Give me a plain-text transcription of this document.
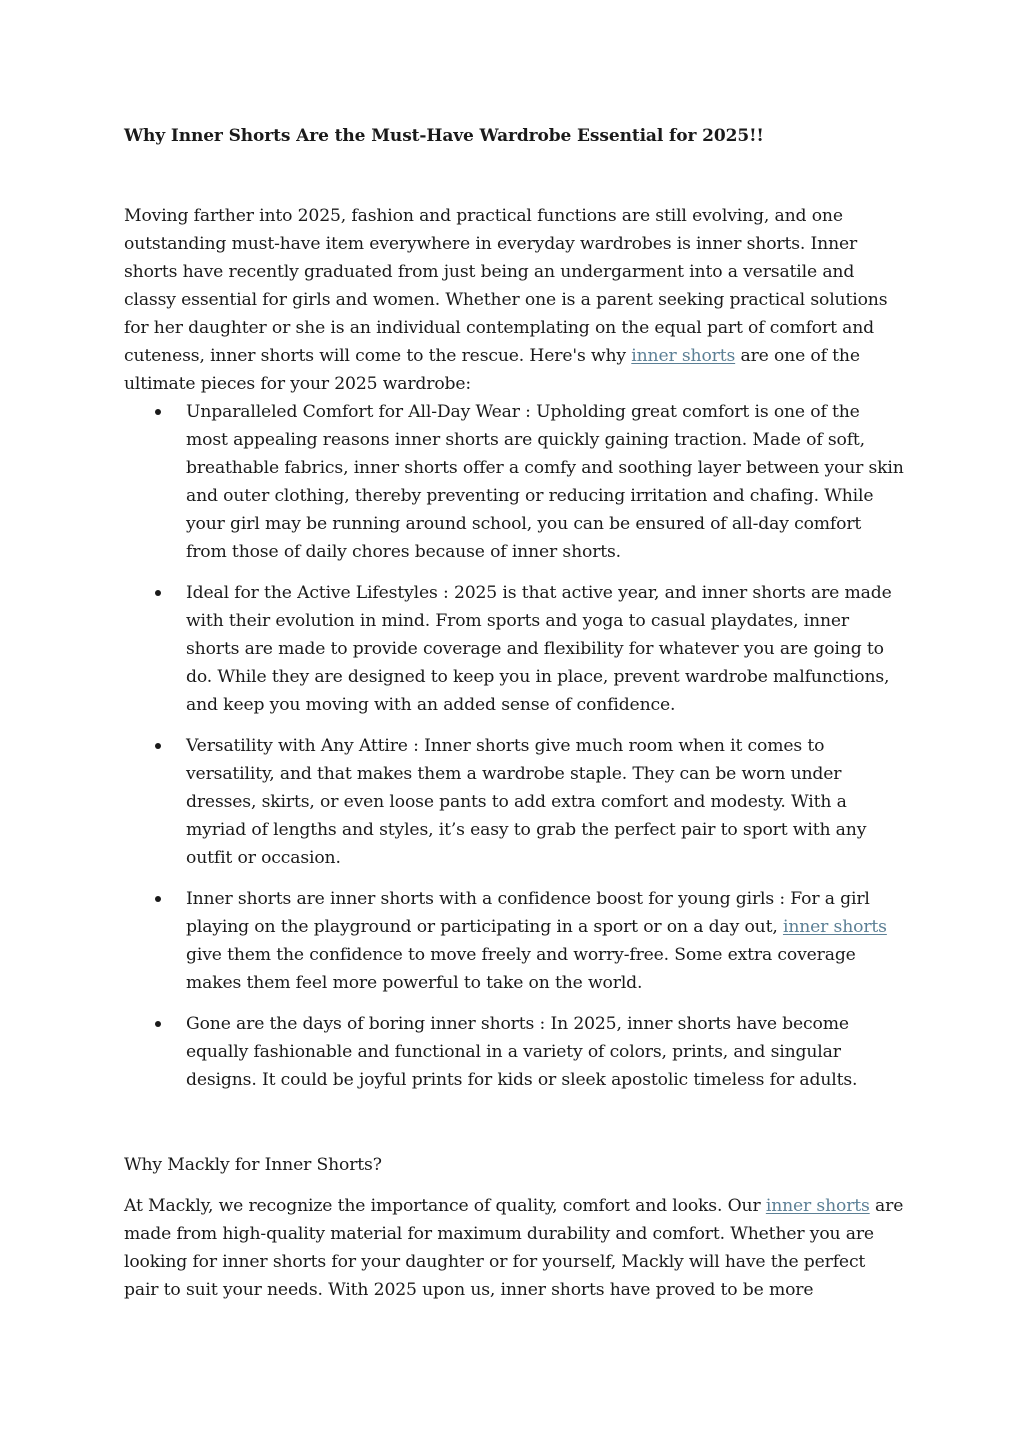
Why Inner Shorts Are the Must-Have Wardrobe Essential for 2025!!

Moving farther into 2025, fashion and practical functions are still evolving, and one outstanding must-have item everywhere in everyday wardrobes is inner shorts. Inner shorts have recently graduated from just being an undergarment into a versatile and classy essential for girls and women. Whether one is a parent seeking practical solutions for her daughter or she is an individual contemplating on the equal part of comfort and cuteness, inner shorts will come to the rescue. Here's why inner shorts are one of the ultimate pieces for your 2025 wardrobe:

Unparalleled Comfort for All-Day Wear : Upholding great comfort is one of the most appealing reasons inner shorts are quickly gaining traction. Made of soft, breathable fabrics, inner shorts offer a comfy and soothing layer between your skin and outer clothing, thereby preventing or reducing irritation and chafing. While your girl may be running around school, you can be ensured of all-day comfort from those of daily chores because of inner shorts.
Ideal for the Active Lifestyles : 2025 is that active year, and inner shorts are made with their evolution in mind. From sports and yoga to casual playdates, inner shorts are made to provide coverage and flexibility for whatever you are going to do. While they are designed to keep you in place, prevent wardrobe malfunctions, and keep you moving with an added sense of confidence.
Versatility with Any Attire : Inner shorts give much room when it comes to versatility, and that makes them a wardrobe staple. They can be worn under dresses, skirts, or even loose pants to add extra comfort and modesty. With a myriad of lengths and styles, it’s easy to grab the perfect pair to sport with any outfit or occasion.
Inner shorts are inner shorts with a confidence boost for young girls : For a girl playing on the playground or participating in a sport or on a day out, inner shorts give them the confidence to move freely and worry-free. Some extra coverage makes them feel more powerful to take on the world.
Gone are the days of boring inner shorts : In 2025, inner shorts have become equally fashionable and functional in a variety of colors, prints, and singular designs. It could be joyful prints for kids or sleek apostolic timeless for adults.

Why Mackly for Inner Shorts?

At Mackly, we recognize the importance of quality, comfort and looks. Our inner shorts are made from high-quality material for maximum durability and comfort. Whether you are looking for inner shorts for your daughter or for yourself, Mackly will have the perfect pair to suit your needs. With 2025 upon us, inner shorts have proved to be more
